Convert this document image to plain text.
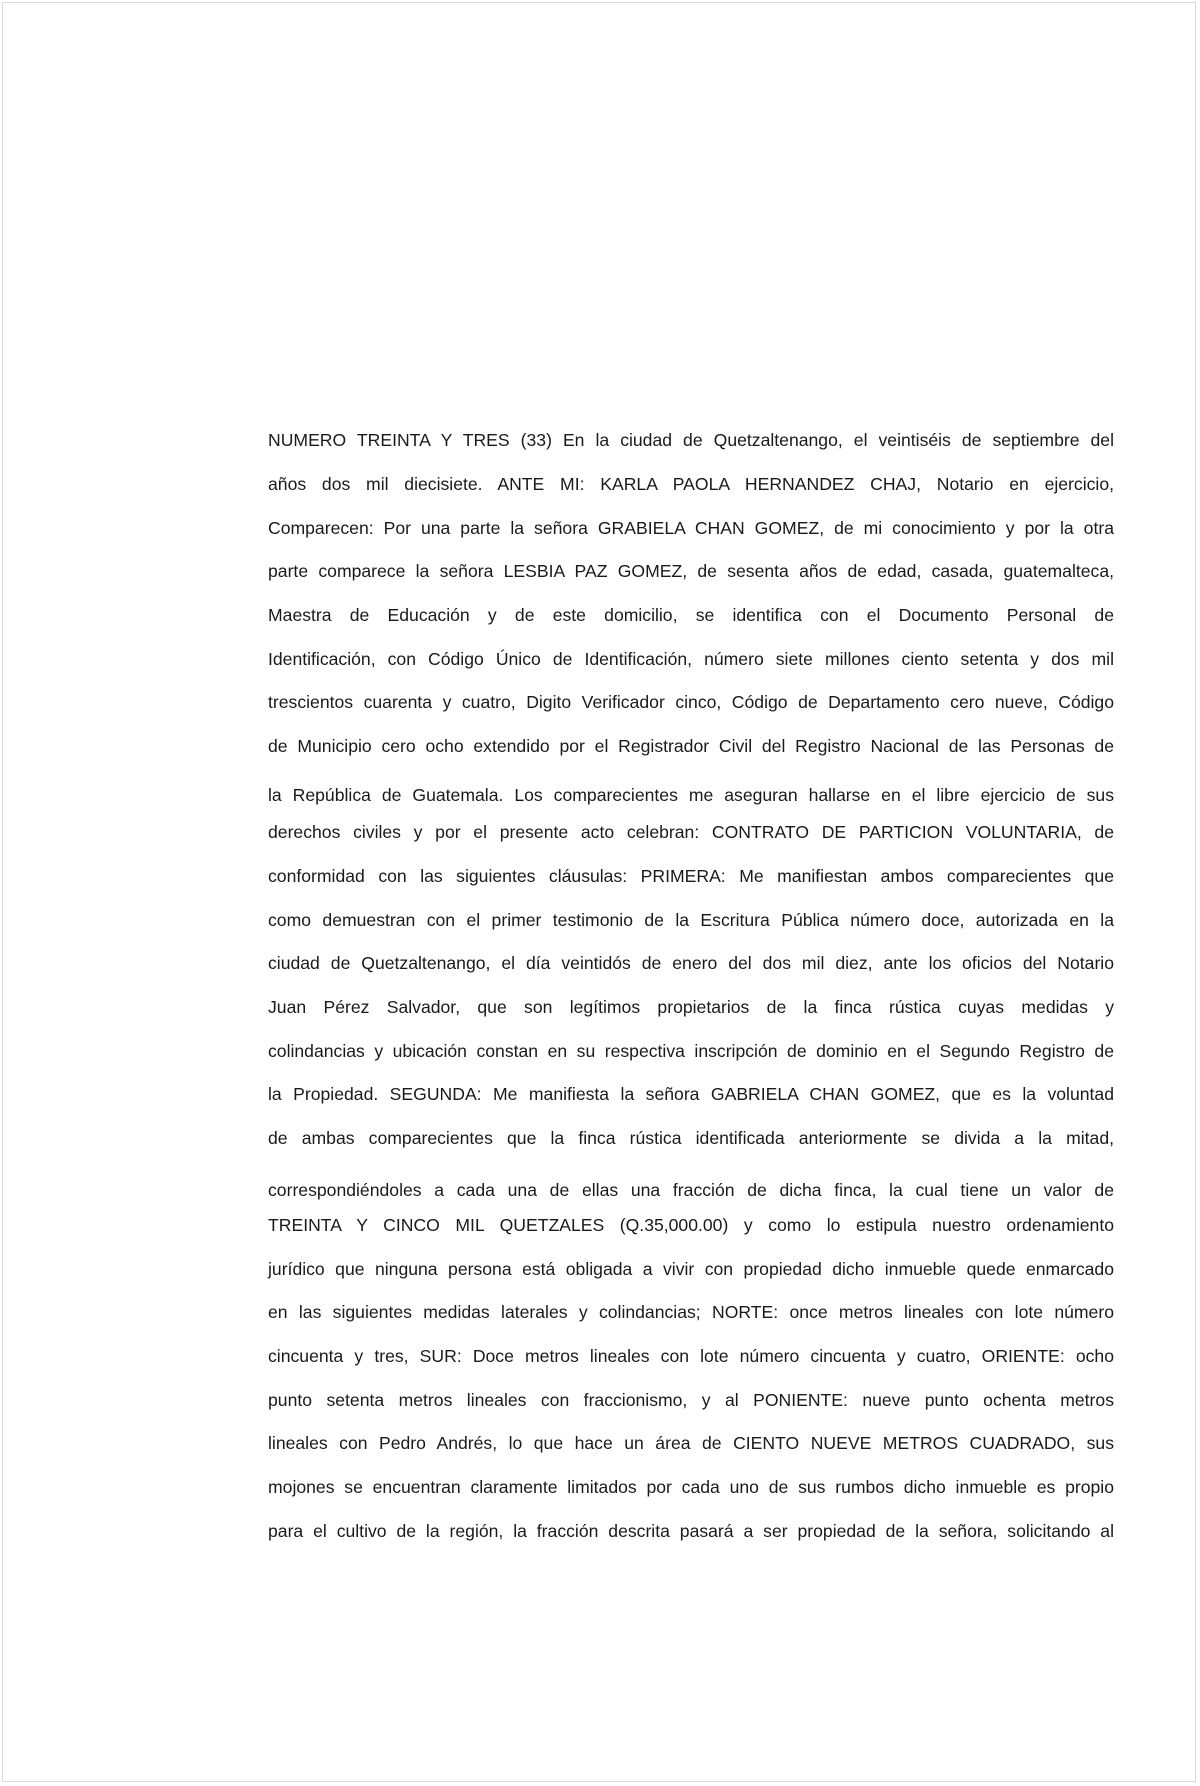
NUMERO TREINTA Y TRES (33) En la ciudad de Quetzaltenango, el veintiséis de septiembre del
años dos mil diecisiete. ANTE MI: KARLA PAOLA HERNANDEZ CHAJ, Notario en ejercicio,
Comparecen: Por una parte la señora GRABIELA CHAN GOMEZ, de mi conocimiento y por la otra
parte comparece la señora LESBIA PAZ GOMEZ, de sesenta años de edad, casada, guatemalteca,
Maestra de Educación y de este domicilio, se identifica con el Documento Personal de
Identificación, con Código Único de Identificación, número siete millones ciento setenta y dos mil
trescientos cuarenta y cuatro, Digito Verificador cinco, Código de Departamento cero nueve, Código
de Municipio cero ocho extendido por el Registrador Civil del Registro Nacional de las Personas de
la República de Guatemala. Los comparecientes me aseguran hallarse en el libre ejercicio de sus
derechos civiles y por el presente acto celebran: CONTRATO DE PARTICION VOLUNTARIA, de
conformidad con las siguientes cláusulas: PRIMERA: Me manifiestan ambos comparecientes que
como demuestran con el primer testimonio de la Escritura Pública número doce, autorizada en la
ciudad de Quetzaltenango, el día veintidós de enero del dos mil diez, ante los oficios del Notario
Juan Pérez Salvador, que son legítimos propietarios de la finca rústica cuyas medidas y
colindancias y ubicación constan en su respectiva inscripción de dominio en el Segundo Registro de
la Propiedad. SEGUNDA: Me manifiesta la señora GABRIELA CHAN GOMEZ, que es la voluntad
de ambas comparecientes que la finca rústica identificada anteriormente se divida a la mitad,
correspondiéndoles a cada una de ellas una fracción de dicha finca, la cual tiene un valor de
TREINTA Y CINCO MIL QUETZALES (Q.35,000.00) y como lo estipula nuestro ordenamiento
jurídico que ninguna persona está obligada a vivir con propiedad dicho inmueble quede enmarcado
en las siguientes medidas laterales y colindancias; NORTE: once metros lineales con lote número
cincuenta y tres, SUR: Doce metros lineales con lote número cincuenta y cuatro, ORIENTE: ocho
punto setenta metros lineales con fraccionismo, y al PONIENTE: nueve punto ochenta metros
lineales con Pedro Andrés, lo que hace un área de CIENTO NUEVE METROS CUADRADO, sus
mojones se encuentran claramente limitados por cada uno de sus rumbos dicho inmueble es propio
para el cultivo de la región, la fracción descrita pasará a ser propiedad de la señora, solicitando al
